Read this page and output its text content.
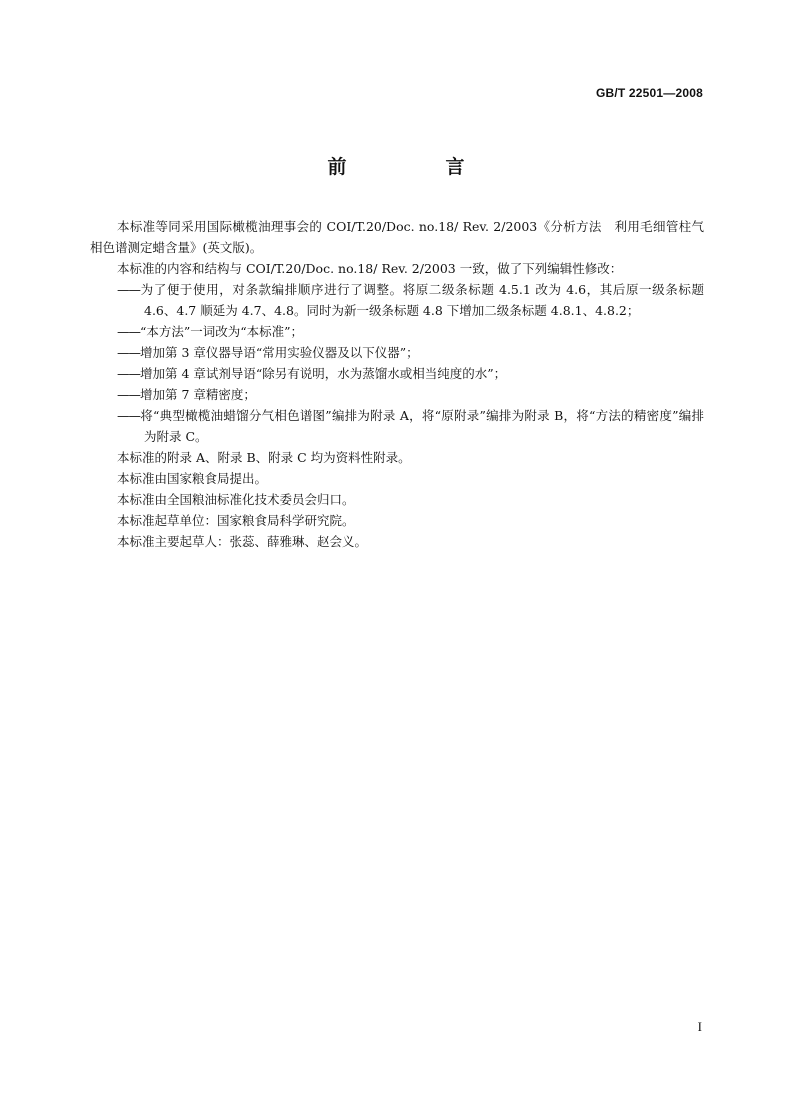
GB/T 22501—2008
前　言

本标准等同采用国际橄榄油理事会的 COI/T.20/Doc. no.18/ Rev. 2/2003《分析方法　利用毛细管柱气相色谱测定蜡含量》(英文版)。

本标准的内容和结构与 COI/T.20/Doc. no.18/ Rev. 2/2003 一致，做了下列编辑性修改：

——为了便于使用，对条款编排顺序进行了调整。将原二级条标题 4.5.1 改为 4.6，其后原一级条标题 4.6、4.7 顺延为 4.7、4.8。同时为新一级条标题 4.8 下增加二级条标题 4.8.1、4.8.2；

——“本方法”一词改为“本标准”；

——增加第 3 章仪器导语“常用实验仪器及以下仪器”；

——增加第 4 章试剂导语“除另有说明，水为蒸馏水或相当纯度的水”；

——增加第 7 章精密度；

——将“典型橄榄油蜡馏分气相色谱图”编排为附录 A，将“原附录”编排为附录 B，将“方法的精密度”编排为附录 C。

本标准的附录 A、附录 B、附录 C 均为资料性附录。

本标准由国家粮食局提出。

本标准由全国粮油标准化技术委员会归口。

本标准起草单位：国家粮食局科学研究院。

本标准主要起草人：张蕊、薛雅琳、赵会义。

I
